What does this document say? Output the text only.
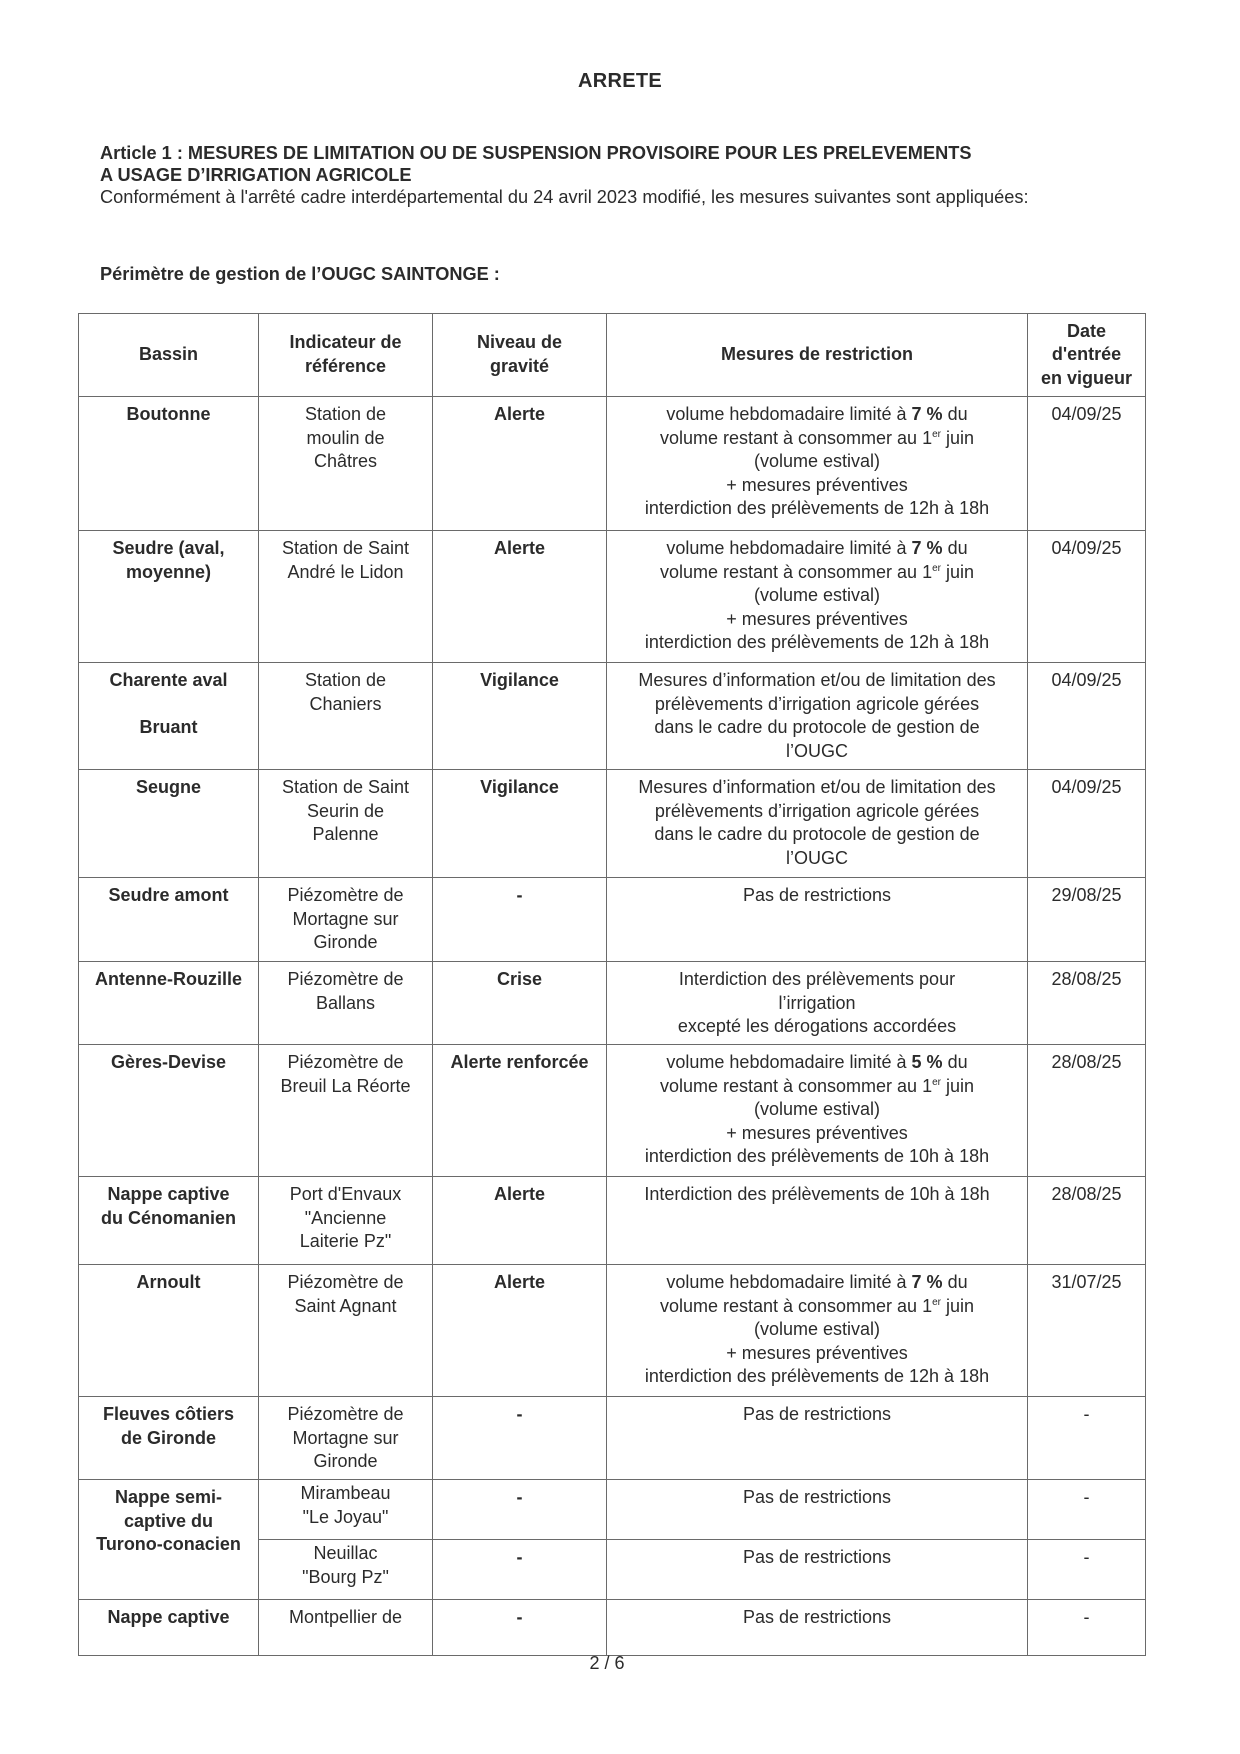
ARRETE
Article 1 : MESURES DE LIMITATION OU DE SUSPENSION PROVISOIRE POUR LES PRELEVEMENTS
A USAGE D’IRRIGATION AGRICOLE
Conformément à l'arrêté cadre interdépartemental du 24 avril 2023 modifié, les mesures suivantes sont appliquées:
Périmètre de gestion de l’OUGC SAINTONGE :
Bassin	Indicateur de
référence	Niveau de
gravité	Mesures de restriction	Date
d'entrée
en vigueur

Boutonne	Station de
moulin de
Châtres	Alerte	volume hebdomadaire limité à 7 % du
volume restant à consommer au 1er juin
(volume estival)
+ mesures préventives
interdiction des prélèvements de 12h à 18h	04/09/25

Seudre (aval,
moyenne)	Station de Saint
André le Lidon	Alerte	volume hebdomadaire limité à 7 % du
volume restant à consommer au 1er juin
(volume estival)
+ mesures préventives
interdiction des prélèvements de 12h à 18h	04/09/25

Charente aval
Bruant	Station de
Chaniers	Vigilance	Mesures d’information et/ou de limitation des
prélèvements d’irrigation agricole gérées
dans le cadre du protocole de gestion de
l’OUGC	04/09/25

Seugne	Station de Saint
Seurin de
Palenne	Vigilance	Mesures d’information et/ou de limitation des
prélèvements d’irrigation agricole gérées
dans le cadre du protocole de gestion de
l’OUGC	04/09/25

Seudre amont	Piézomètre de
Mortagne sur
Gironde	-	Pas de restrictions	29/08/25

Antenne-Rouzille	Piézomètre de
Ballans	Crise	Interdiction des prélèvements pour
l’irrigation
excepté les dérogations accordées	28/08/25

Gères-Devise	Piézomètre de
Breuil La Réorte	Alerte renforcée	volume hebdomadaire limité à 5 % du
volume restant à consommer au 1er juin
(volume estival)
+ mesures préventives
interdiction des prélèvements de 10h à 18h	28/08/25

Nappe captive
du Cénomanien	Port d'Envaux
"Ancienne
Laiterie Pz"	Alerte	Interdiction des prélèvements de 10h à 18h	28/08/25

Arnoult	Piézomètre de
Saint Agnant	Alerte	volume hebdomadaire limité à 7 % du
volume restant à consommer au 1er juin
(volume estival)
+ mesures préventives
interdiction des prélèvements de 12h à 18h	31/07/25

Fleuves côtiers
de Gironde	Piézomètre de
Mortagne sur
Gironde	-	Pas de restrictions	-

Nappe semi-
captive du
Turono-conacien	Mirambeau
"Le Joyau"	-	Pas de restrictions	-

	Neuillac
"Bourg Pz"	-	Pas de restrictions	-

Nappe captive	Montpellier de	-	Pas de restrictions	-
2 / 6
